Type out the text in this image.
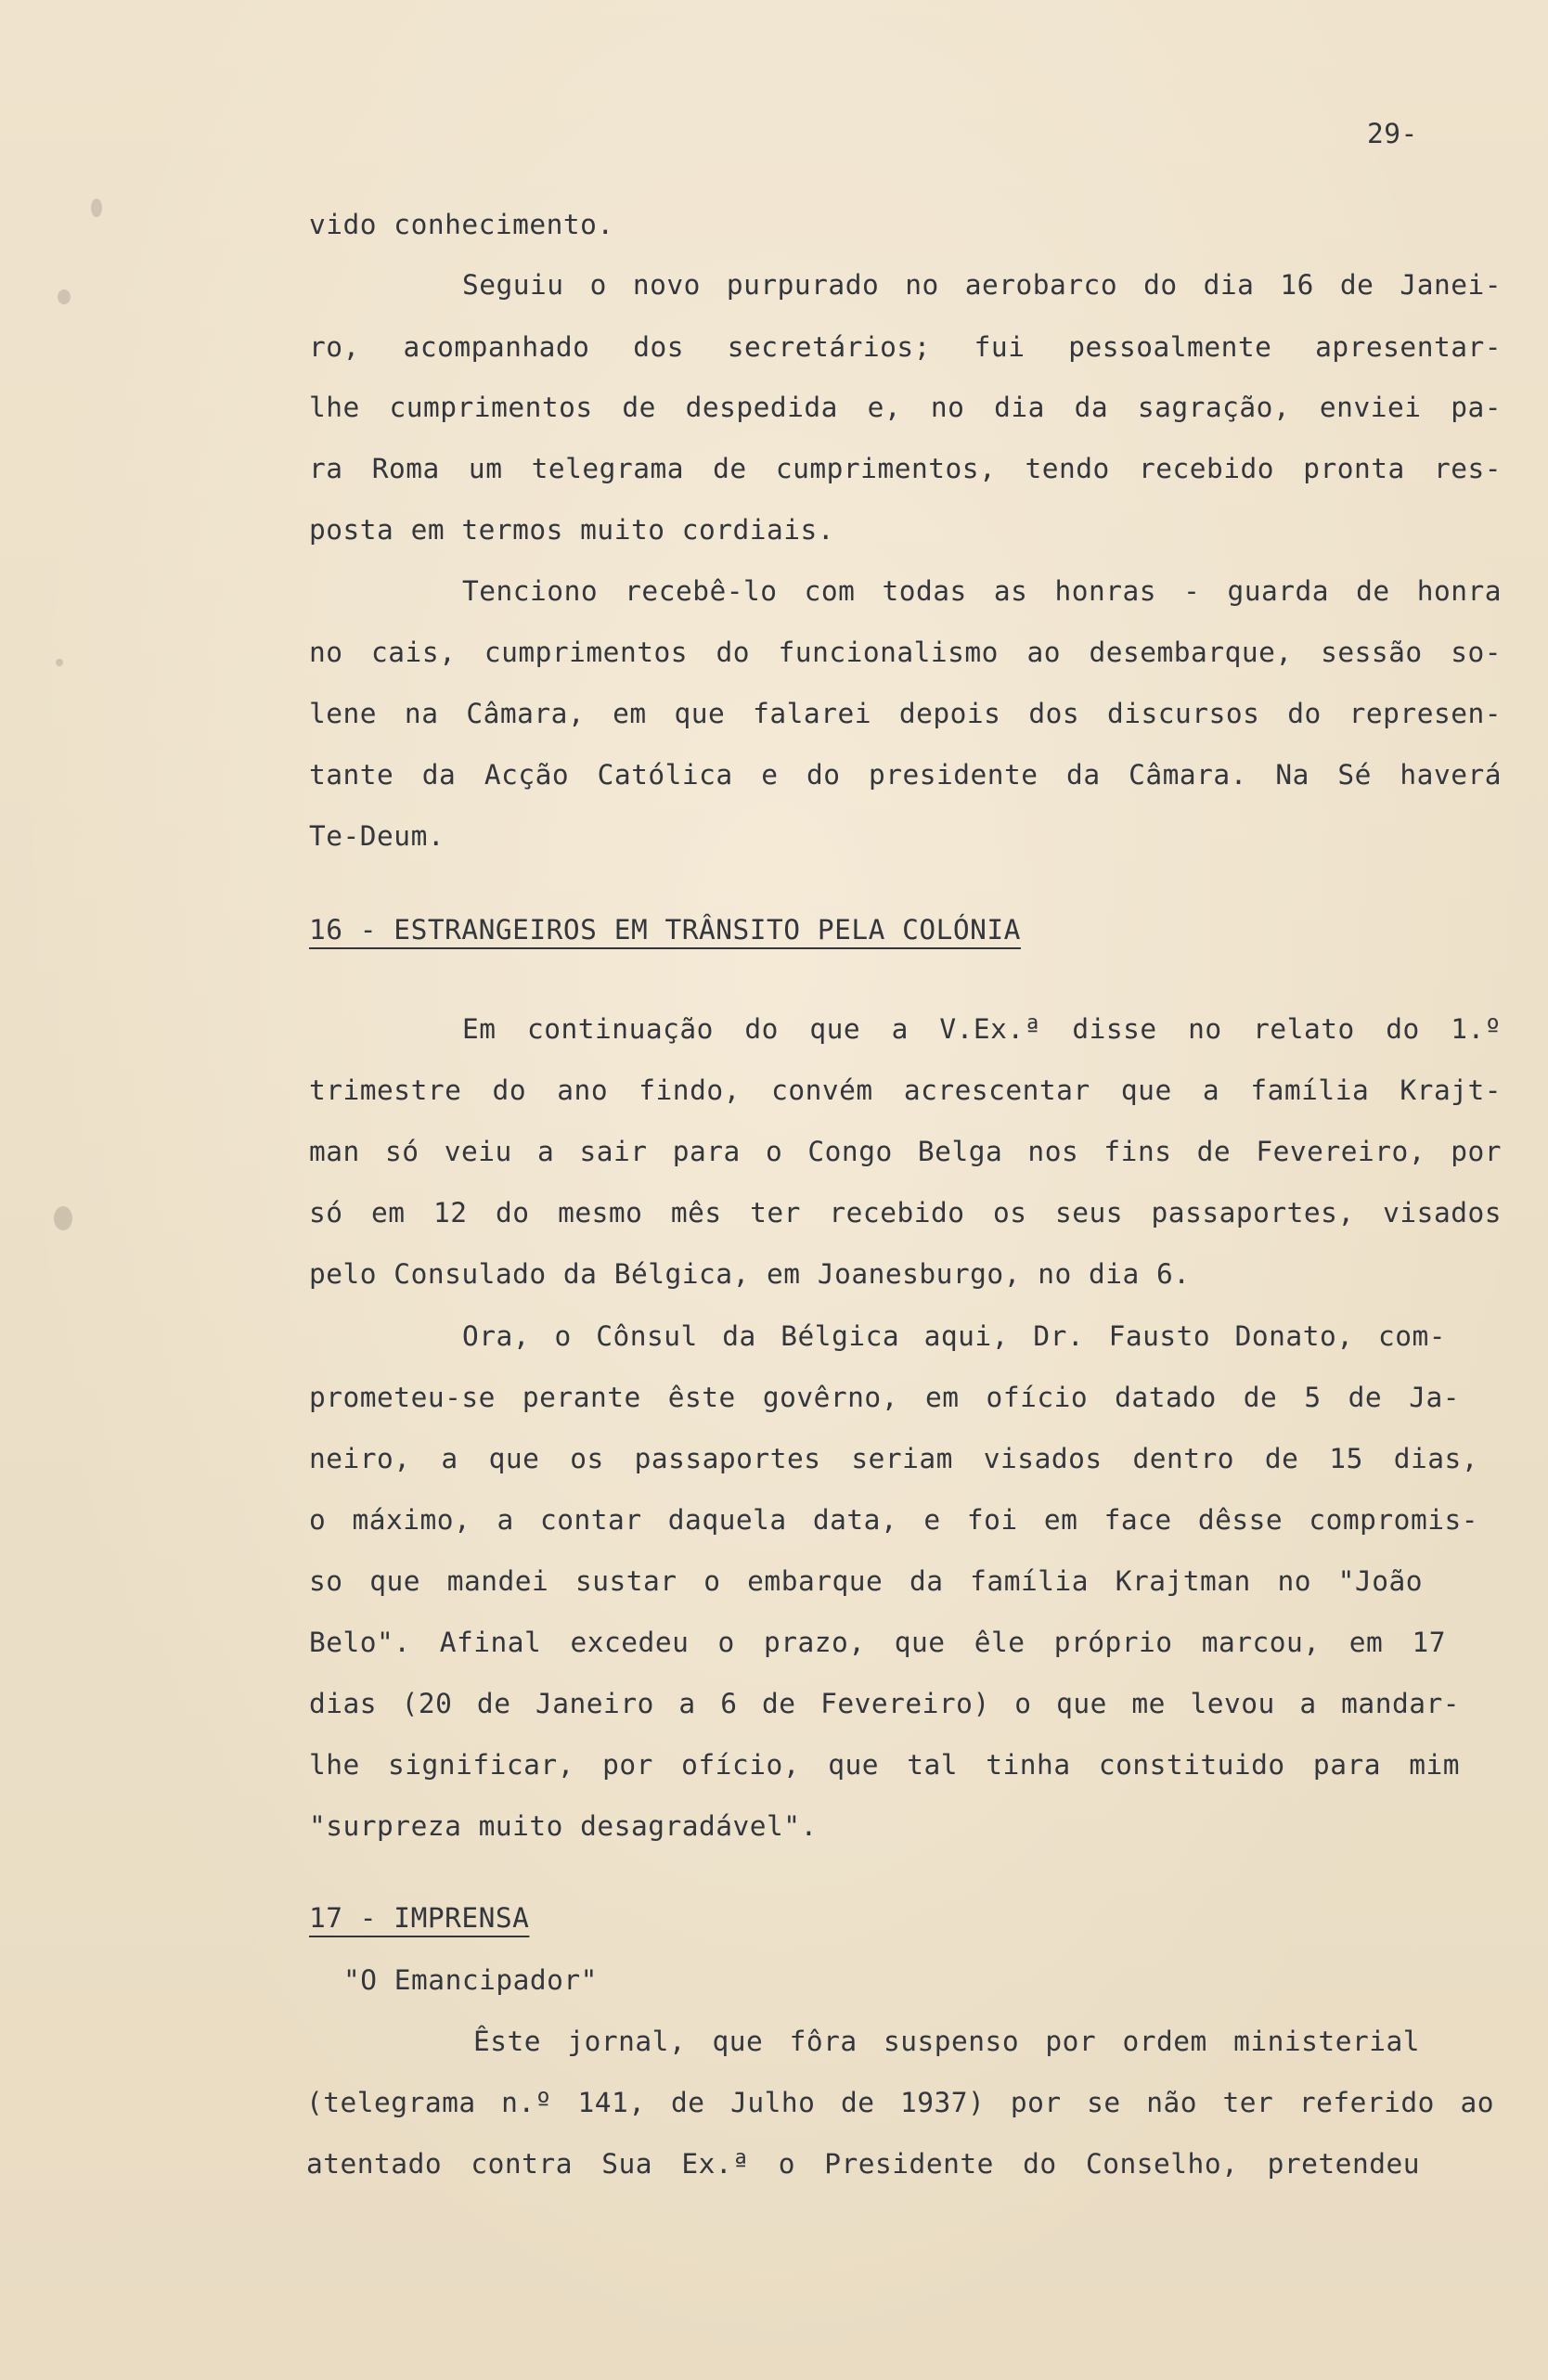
29-

vido conhecimento.

Seguiu o novo purpurado no aerobarco do dia 16 de Janei-

ro, acompanhado dos secretários; fui pessoalmente apresentar-

lhe cumprimentos de despedida e, no dia da sagração, enviei pa-

ra Roma um telegrama de cumprimentos, tendo recebido pronta res-

posta em termos muito cordiais.

Tenciono recebê-lo com todas as honras - guarda de honra

no cais, cumprimentos do funcionalismo ao desembarque, sessão so-

lene na Câmara, em que falarei depois dos discursos do represen-

tante da Acção Católica e do presidente da Câmara. Na Sé haverá

Te-Deum.

16 - ESTRANGEIROS EM TRÂNSITO PELA COLÓNIA

Em continuação do que a V.Ex.ª disse no relato do 1.º

trimestre do ano findo, convém acrescentar que a família Krajt-

man só veiu a sair para o Congo Belga nos fins de Fevereiro, por

só em 12 do mesmo mês ter recebido os seus passaportes, visados

pelo Consulado da Bélgica, em Joanesburgo, no dia 6.

Ora, o Cônsul da Bélgica aqui, Dr. Fausto Donato, com-

prometeu-se perante êste govêrno, em ofício datado de 5 de Ja-

neiro, a que os passaportes seriam visados dentro de 15 dias,

o máximo, a contar daquela data, e foi em face dêsse compromis-

so que mandei sustar o embarque da família Krajtman no "João

Belo". Afinal excedeu o prazo, que êle próprio marcou, em 17

dias (20 de Janeiro a 6 de Fevereiro) o que me levou a mandar-

lhe significar, por ofício, que tal tinha constituido para mim

"surpreza muito desagradável".

17 - IMPRENSA

"O Emancipador"

Êste jornal, que fôra suspenso por ordem ministerial

(telegrama n.º 141, de Julho de 1937) por se não ter referido ao

atentado contra Sua Ex.ª o Presidente do Conselho, pretendeu
